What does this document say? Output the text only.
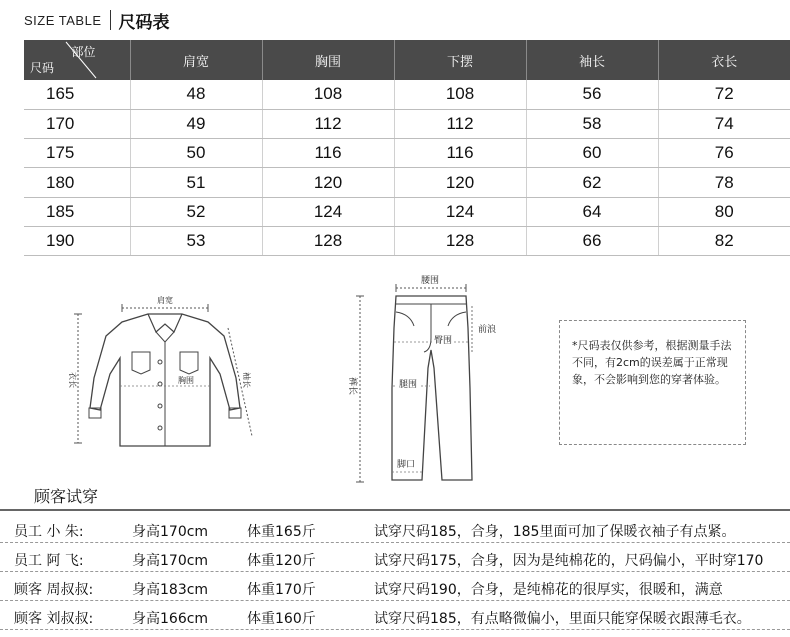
SIZE TABLE 尺码表
部位
尺码	肩宽	胸围	下摆	袖长	衣长
165	48	108	108	56	72
170	49	112	112	58	74
175	50	116	116	60	76
180	51	120	120	62	78
185	52	124	124	64	80
190	53	128	128	66	82
肩宽
衣长	袖长
胸围
腰围
裤长
臀围
前浪
腿围
脚口
*尺码表仅供参考，根据测量手法不同，有2cm的误差属于正常现象，不会影响到您的穿著体验。
顾客试穿
员工 小 朱:	身高170cm	体重165斤	试穿尺码185，合身，185里面可加了保暖衣袖子有点紧。
员工 阿 飞:	身高170cm	体重120斤	试穿尺码175，合身，因为是纯棉花的，尺码偏小，平时穿170
顾客 周叔叔:	身高183cm	体重170斤	试穿尺码190，合身，是纯棉花的很厚实，很暖和，满意
顾客 刘叔叔:	身高166cm	体重160斤	试穿尺码185，有点略微偏小，里面只能穿保暖衣跟薄毛衣。
